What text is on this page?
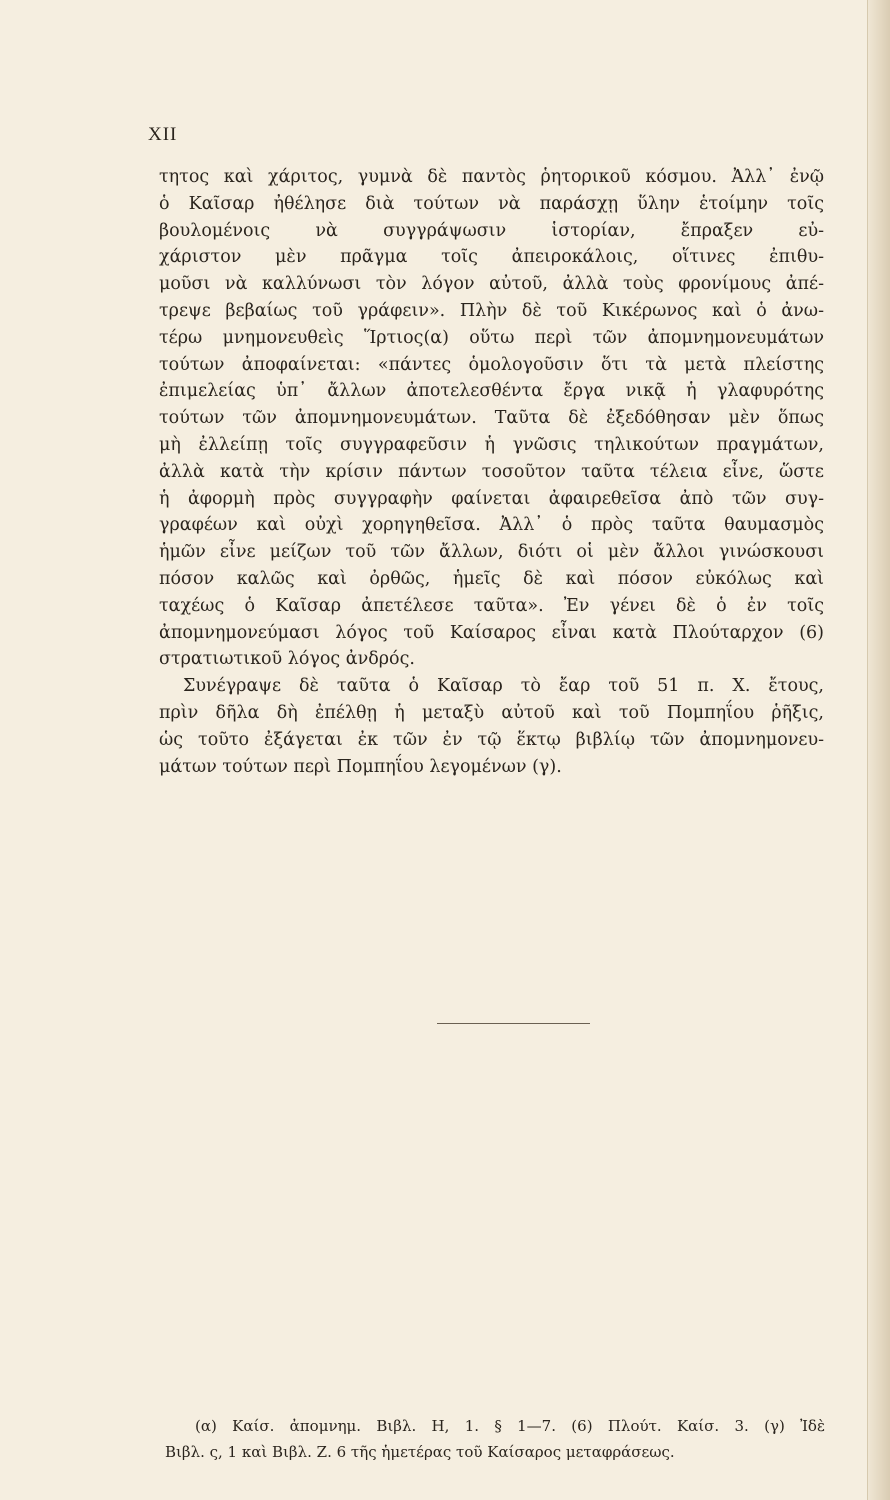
XII
τητος καὶ χάριτος, γυμνὰ δὲ παντὸς ῥητορικοῦ κόσμου. Ἀλλ᾽ ἐνῷ
ὁ Καῖσαρ ἠθέλησε διὰ τούτων νὰ παράσχῃ ὕλην ἑτοίμην τοῖς
βουλομένοις νὰ συγγράψωσιν ἱστορίαν, ἔπραξεν εὐ-
χάριστον μὲν πρᾶγμα τοῖς ἀπειροκάλοις, οἵτινες ἐπιθυ-
μοῦσι νὰ καλλύνωσι τὸν λόγον αὐτοῦ, ἀλλὰ τοὺς φρονίμους ἀπέ-
τρεψε βεβαίως τοῦ γράφειν». Πλὴν δὲ τοῦ Κικέρωνος καὶ ὁ ἀνω-
τέρω μνημονευθεὶς Ἵρτιος(α) οὕτω περὶ τῶν ἀπομνημονευμάτων
τούτων ἀποφαίνεται: «πάντες ὁμολογοῦσιν ὅτι τὰ μετὰ πλείστης
ἐπιμελείας ὑπ᾽ ἄλλων ἀποτελεσθέντα ἔργα νικᾷ ἡ γλαφυρότης
τούτων τῶν ἀπομνημονευμάτων. Ταῦτα δὲ ἐξεδόθησαν μὲν ὅπως
μὴ ἐλλείπῃ τοῖς συγγραφεῦσιν ἡ γνῶσις τηλικούτων πραγμάτων,
ἀλλὰ κατὰ τὴν κρίσιν πάντων τοσοῦτον ταῦτα τέλεια εἶνε, ὥστε
ἡ ἀφορμὴ πρὸς συγγραφὴν φαίνεται ἀφαιρεθεῖσα ἀπὸ τῶν συγ-
γραφέων καὶ οὐχὶ χορηγηθεῖσα. Ἀλλ᾽ ὁ πρὸς ταῦτα θαυμασμὸς
ἡμῶν εἶνε μείζων τοῦ τῶν ἄλλων, διότι οἱ μὲν ἄλλοι γινώσκουσι
πόσον καλῶς καὶ ὀρθῶς, ἡμεῖς δὲ καὶ πόσον εὐκόλως καὶ
ταχέως ὁ Καῖσαρ ἀπετέλεσε ταῦτα». Ἐν γένει δὲ ὁ ἐν τοῖς
ἀπομνημονεύμασι λόγος τοῦ Καίσαρος εἶναι κατὰ Πλούταρχον (6)
στρατιωτικοῦ λόγος ἀνδρός.
Συνέγραψε δὲ ταῦτα ὁ Καῖσαρ τὸ ἔαρ τοῦ 51 π. Χ. ἔτους,
πρὶν δῆλα δὴ ἐπέλθῃ ἡ μεταξὺ αὐτοῦ καὶ τοῦ Πομπηΐου ῥῆξις,
ὡς τοῦτο ἐξάγεται ἐκ τῶν ἐν τῷ ἕκτῳ βιβλίῳ τῶν ἀπομνημονευ-
μάτων τούτων περὶ Πομπηΐου λεγομένων (γ).
(α) Καίσ. ἀπομνημ. Βιβλ. Η, 1. § 1—7. (6) Πλούτ. Καίσ. 3. (γ) Ἰδὲ
Βιβλ. ς, 1 καὶ Βιβλ. Ζ. 6 τῆς ἡμετέρας τοῦ Καίσαρος μεταφράσεως.
